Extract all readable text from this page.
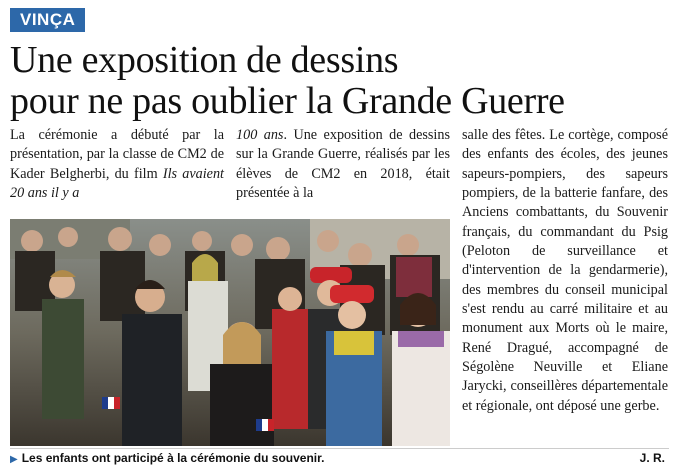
VINÇA
Une exposition de dessins
pour ne pas oublier la Grande Guerre

La cérémonie a débuté par la présentation, par la classe de CM2 de Kader Belgherbi, du film Ils avaient 20 ans il y a

100 ans. Une exposition de dessins sur la Grande Guerre, réalisés par les élèves de CM2 en 2018, était présentée à la

salle des fêtes. Le cortège, composé des enfants des écoles, des jeunes sapeurs-pompiers, des sapeurs pompiers, de la batterie fanfare, des Anciens combattants, du Souvenir français, du commandant du Psig (Peloton de surveillance et d'intervention de la gendarmerie), des membres du conseil municipal s'est rendu au carré militaire et au monument aux Morts où le maire, René Dragué, accompagné de Ségolène Neuville et Eliane Jarycki, conseillères départementale et régionale, ont déposé une gerbe.

▶ Les enfants ont participé à la cérémonie du souvenir.	J. R.
